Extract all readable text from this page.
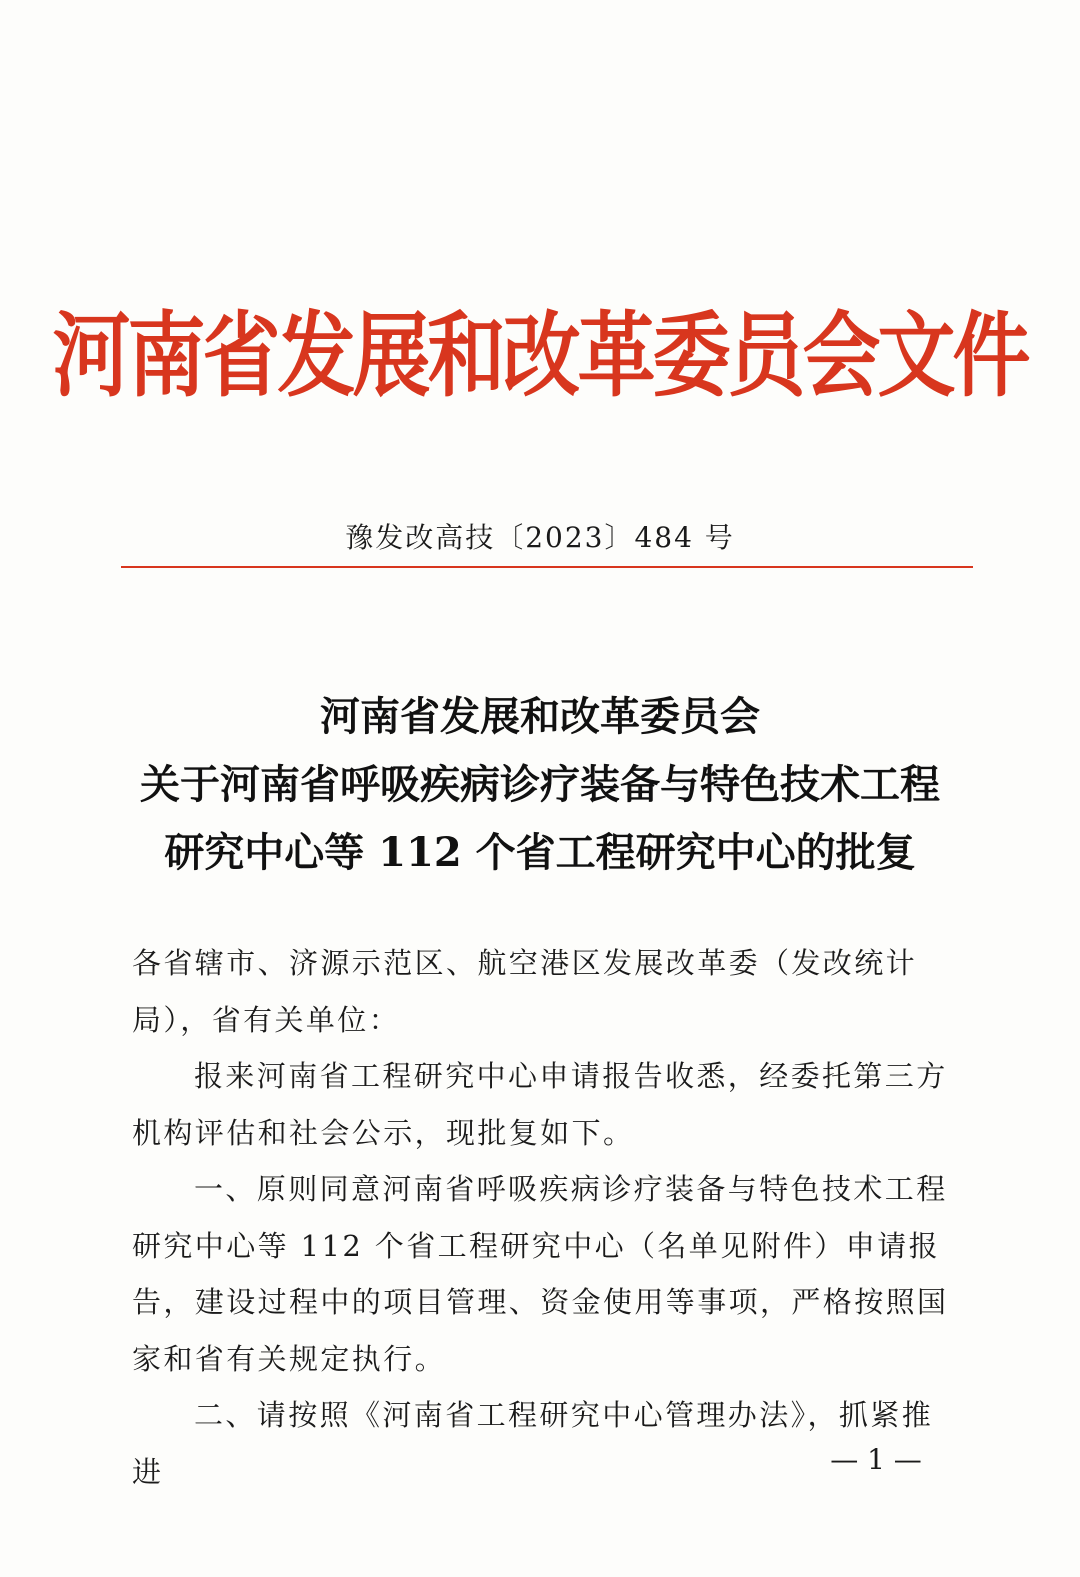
河南省发展和改革委员会文件
豫发改高技〔2023〕484 号
河南省发展和改革委员会
关于河南省呼吸疾病诊疗装备与特色技术工程
研究中心等 112 个省工程研究中心的批复

各省辖市、济源示范区、航空港区发展改革委（发改统计局），省有关单位：

报来河南省工程研究中心申请报告收悉，经委托第三方机构评估和社会公示，现批复如下。

一、原则同意河南省呼吸疾病诊疗装备与特色技术工程研究中心等 112 个省工程研究中心（名单见附件）申请报告，建设过程中的项目管理、资金使用等事项，严格按照国家和省有关规定执行。

二、请按照《河南省工程研究中心管理办法》，抓紧推进	— 1 —
